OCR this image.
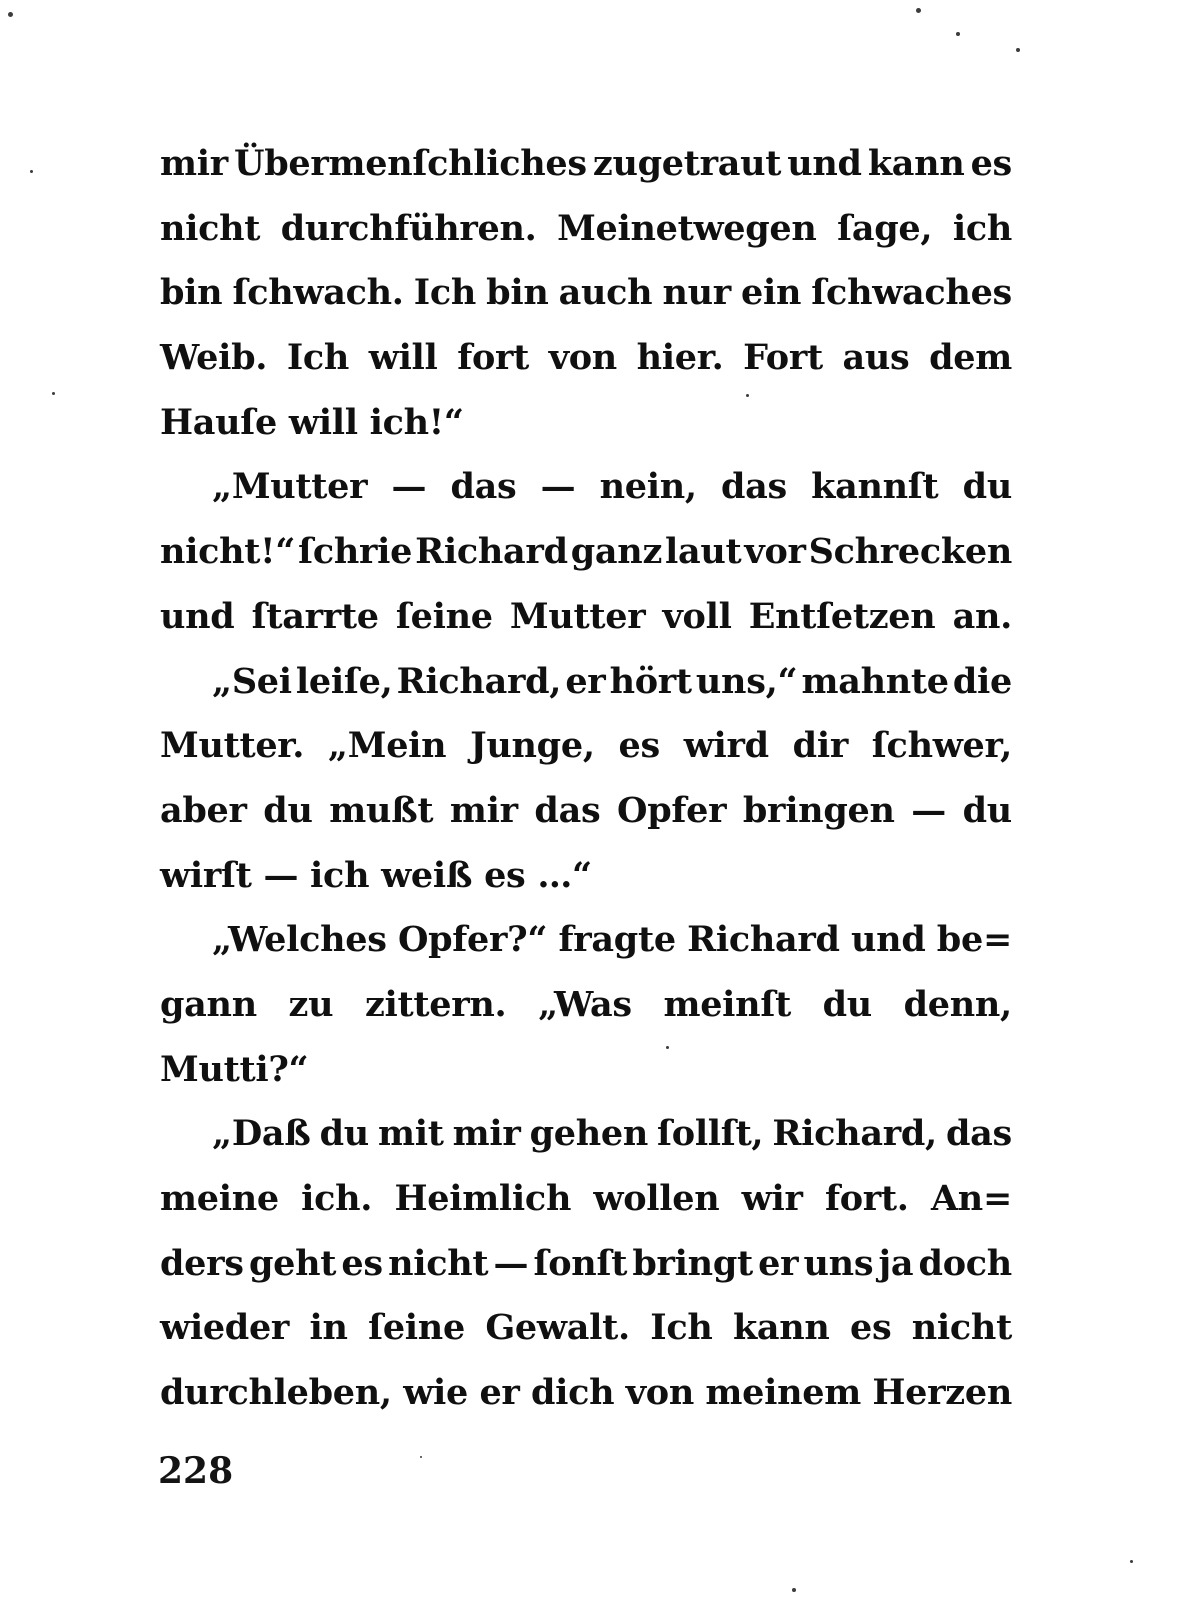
mir Übermenſchliches zugetraut und kann es
nicht durchführen. Meinetwegen ſage, ich
bin ſchwach. Ich bin auch nur ein ſchwaches
Weib. Ich will fort von hier. Fort aus dem
Hauſe will ich!“
„Mutter — das — nein, das kannſt du
nicht!“ ſchrie Richard ganz laut vor Schrecken
und ſtarrte ſeine Mutter voll Entſetzen an.
„Sei leiſe, Richard, er hört uns,“ mahnte die
Mutter. „Mein Junge, es wird dir ſchwer,
aber du mußt mir das Opfer bringen — du
wirſt — ich weiß es …“
„Welches Opfer?“ fragte Richard und be=
gann zu zittern. „Was meinſt du denn,
Mutti?“
„Daß du mit mir gehen ſollſt, Richard, das
meine ich. Heimlich wollen wir fort. An=
ders geht es nicht — ſonſt bringt er uns ja doch
wieder in ſeine Gewalt. Ich kann es nicht
durchleben, wie er dich von meinem Herzen
228
